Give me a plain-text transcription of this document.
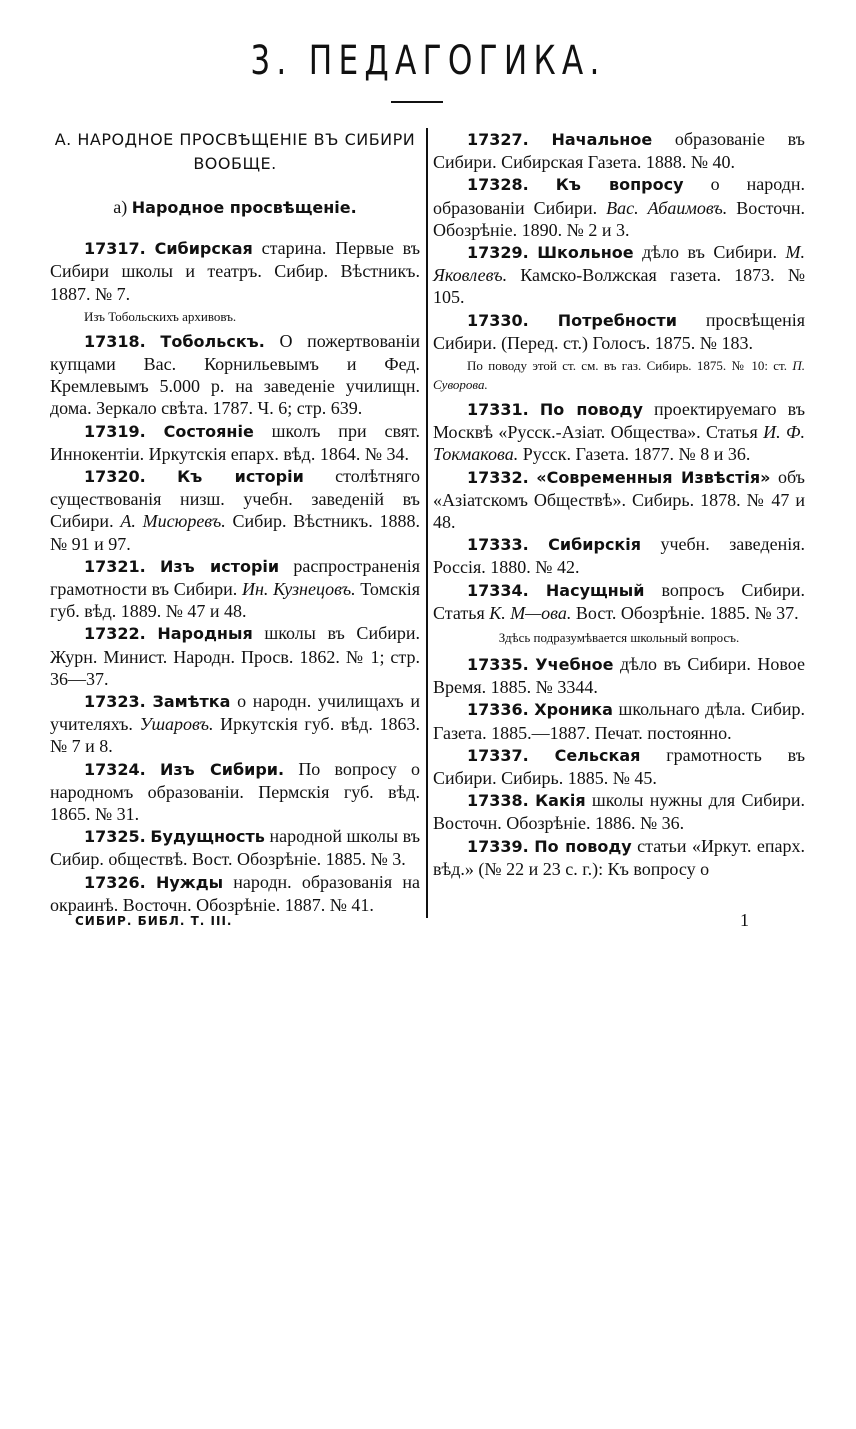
3. ПЕДАГОГИКА.
А. НАРОДНОЕ ПРОСВѢЩЕНІЕ ВЪ СИБИРИ ВООБЩЕ.
а) Народное просвѣщеніе.

17317. Сибирская старина. Первые въ Сибири школы и театръ. Сибир. Вѣстникъ. 1887. № 7.

Изъ Тобольскихъ архивовъ.

17318. Тобольскъ. О пожертвованіи купцами Вас. Корнильевымъ и Фед. Кремлевымъ 5.000 р. на заведеніе училищн. дома. Зеркало свѣта. 1787. Ч. 6; стр. 639.

17319. Состояніе школъ при свят. Иннокентіи. Иркутскія епарх. вѣд. 1864. № 34.

17320. Къ исторіи столѣтняго существованія низш. учебн. заведеній въ Сибири. А. Мисюревъ. Сибир. Вѣстникъ. 1888. № 91 и 97.

17321. Изъ исторіи распространенія грамотности въ Сибири. Ин. Кузнецовъ. Томскія губ. вѣд. 1889. № 47 и 48.

17322. Народныя школы въ Сибири. Журн. Минист. Народн. Просв. 1862. № 1; стр. 36—37.

17323. Замѣтка о народн. училищахъ и учителяхъ. Ушаровъ. Иркутскія губ. вѣд. 1863. № 7 и 8.

17324. Изъ Сибири. По вопросу о народномъ образованіи. Пермскія губ. вѣд. 1865. № 31.

17325. Будущность народной школы въ Сибир. обществѣ. Вост. Обозрѣніе. 1885. № 3.

17326. Нужды народн. образованія на окраинѣ. Восточн. Обозрѣніе. 1887. № 41.

17327. Начальное образованіе въ Сибири. Сибирская Газета. 1888. № 40.

17328. Къ вопросу о народн. образованіи Сибири. Вас. Абаимовъ. Восточн. Обозрѣніе. 1890. № 2 и 3.

17329. Школьное дѣло въ Сибири. М. Яковлевъ. Камско-Волжская газета. 1873. № 105.

17330. Потребности просвѣщенія Сибири. (Перед. ст.) Голосъ. 1875. № 183.

По поводу этой ст. см. въ газ. Сибирь. 1875. № 10: ст. П. Суворова.

17331. По поводу проектируемаго въ Москвѣ «Русск.-Азіат. Общества». Статья И. Ф. Токмакова. Русск. Газета. 1877. № 8 и 36.

17332. «Современныя Извѣстія» объ «Азіатскомъ Обществѣ». Сибирь. 1878. № 47 и 48.

17333. Сибирскія учебн. заведенія. Россія. 1880. № 42.

17334. Насущный вопросъ Сибири. Статья К. М—ова. Вост. Обозрѣніе. 1885. № 37.

Здѣсь подразумѣвается школьный вопросъ.

17335. Учебное дѣло въ Сибири. Новое Время. 1885. № 3344.

17336. Хроника школьнаго дѣла. Сибир. Газета. 1885.—1887. Печат. постоянно.

17337. Сельская грамотность въ Сибири. Сибирь. 1885. № 45.

17338. Какія школы нужны для Сибири. Восточн. Обозрѣніе. 1886. № 36.

17339. По поводу статьи «Иркут. епарх. вѣд.» (№ 22 и 23 с. г.): Къ вопросу о

СИБИР. БИБЛ. Т. III.	1
